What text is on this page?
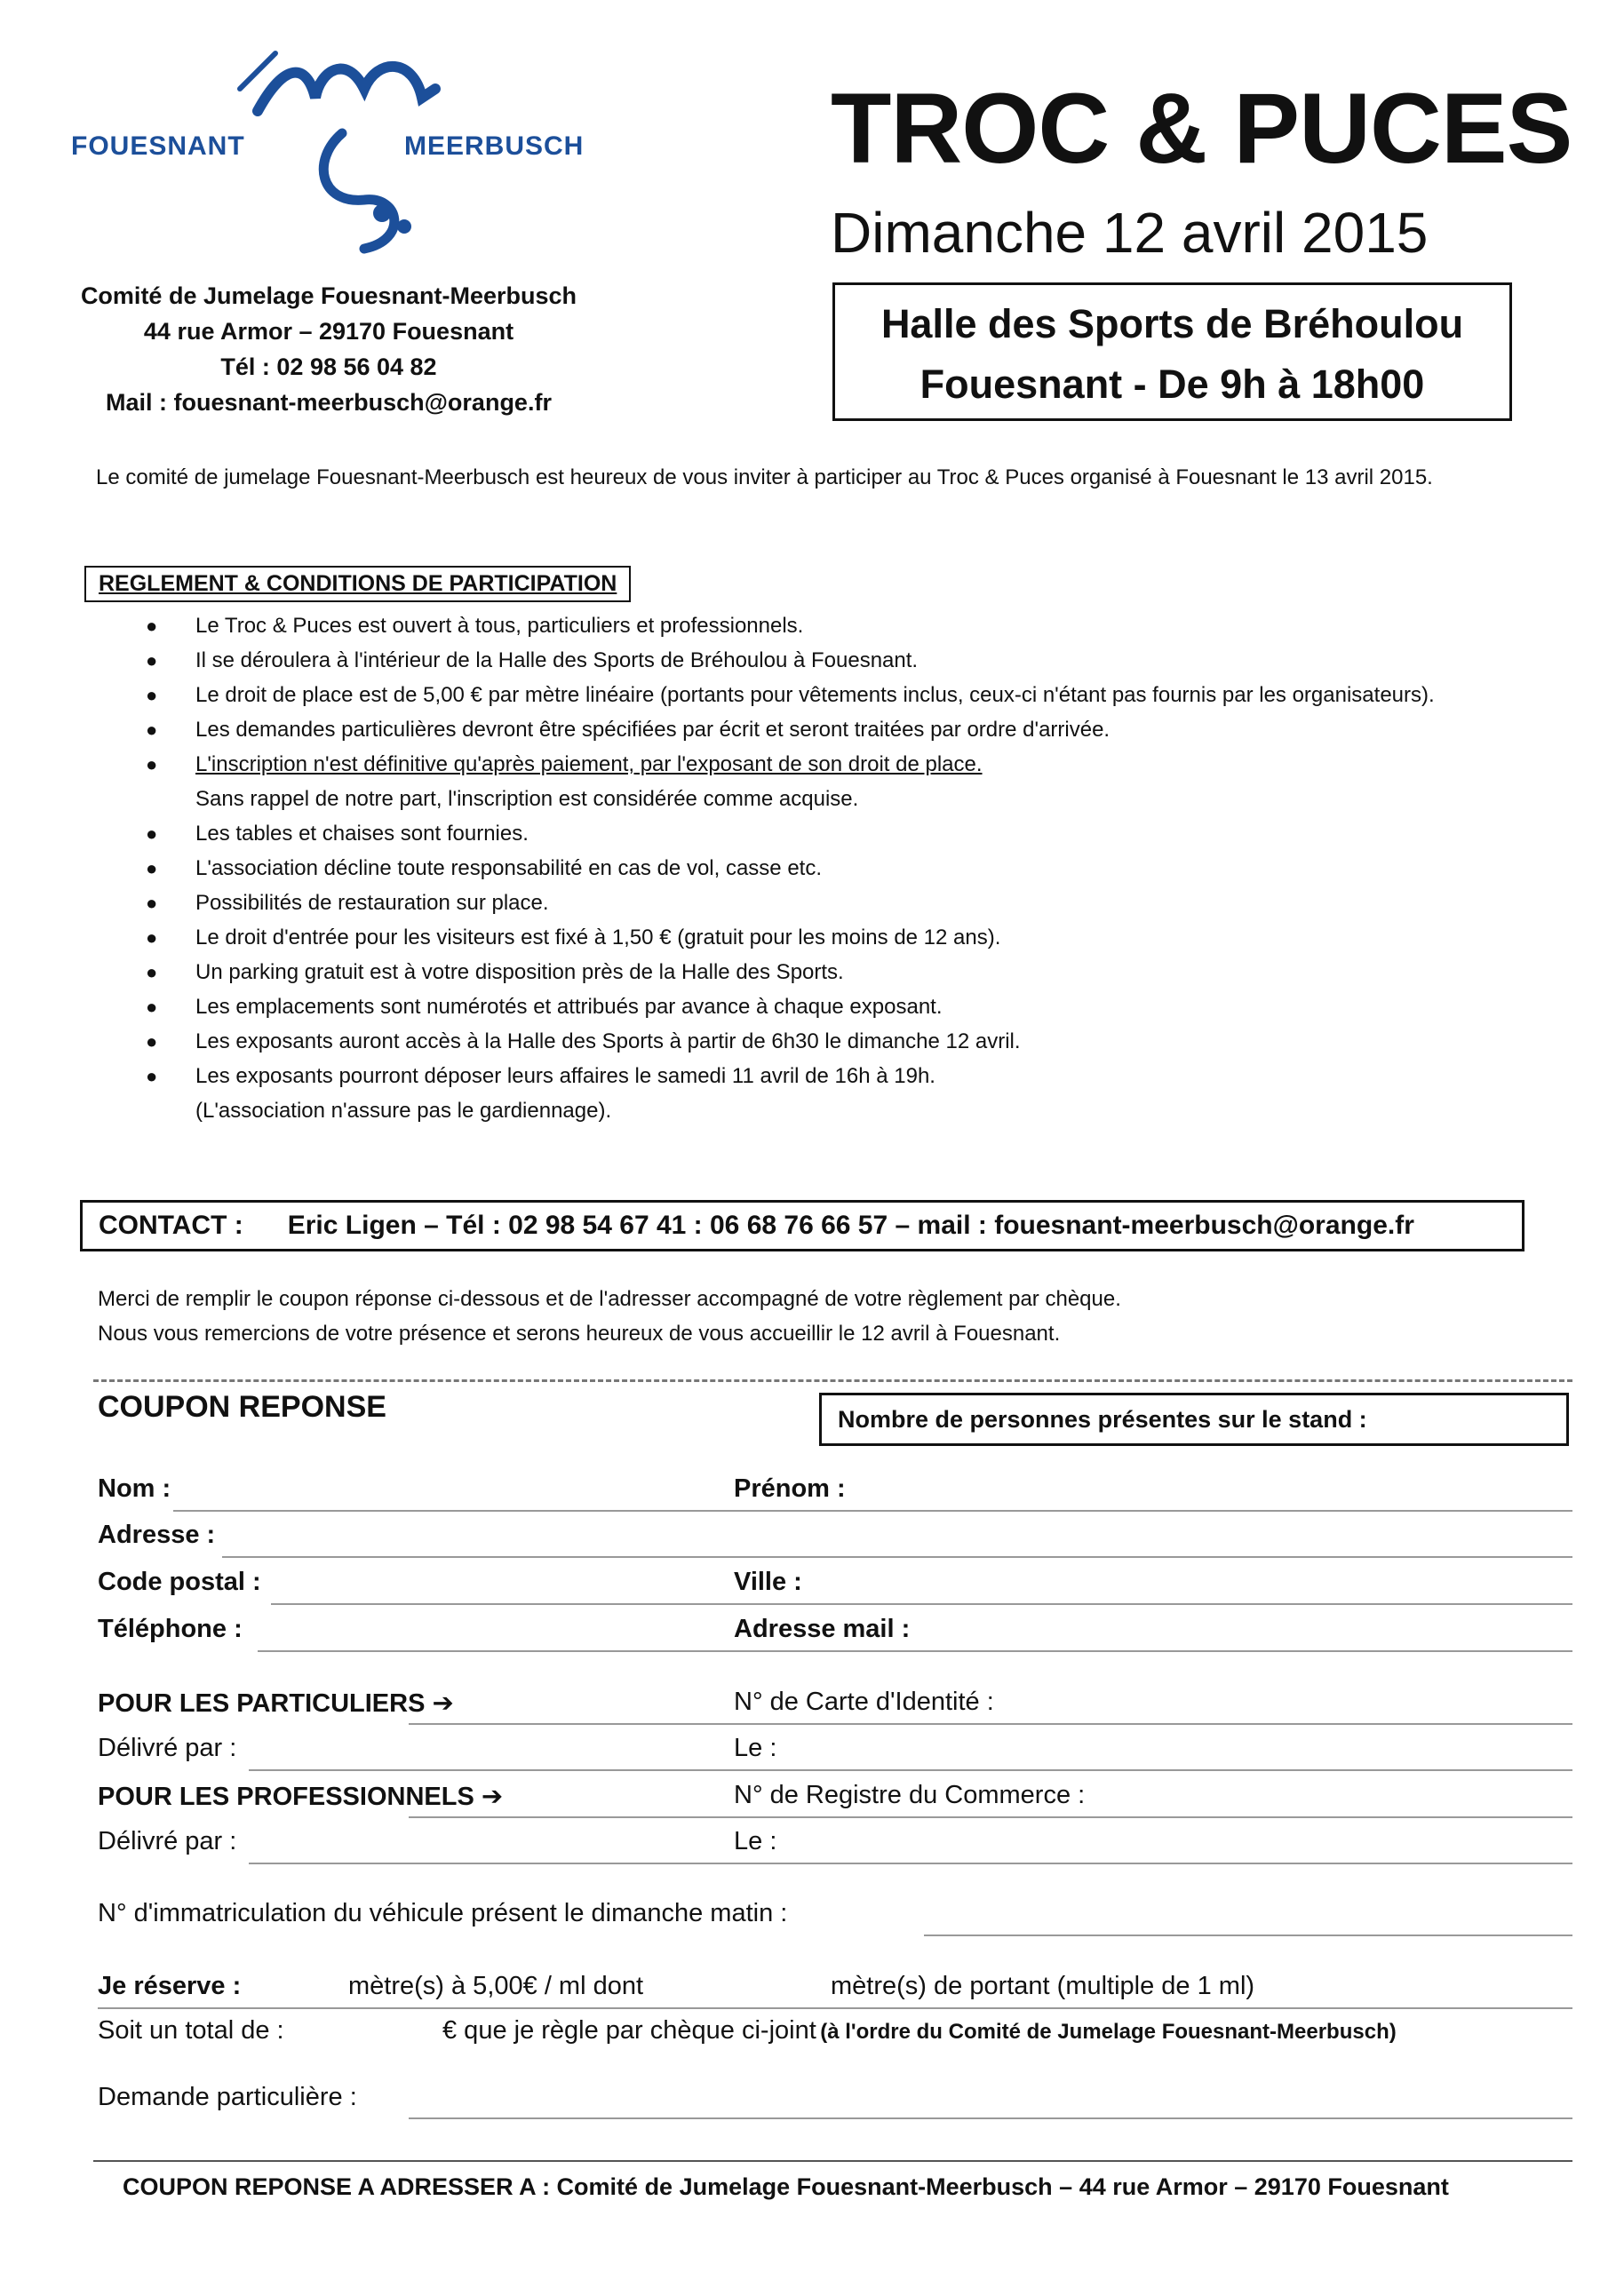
FOUESNANT	MEERBUSCH
Comité de Jumelage Fouesnant-Meerbusch
44 rue Armor – 29170 Fouesnant
Tél : 02 98 56 04 82
Mail : fouesnant-meerbusch@orange.fr
TROC & PUCES
Dimanche 12 avril 2015
Halle des Sports de Bréhoulou
Fouesnant - De 9h à 18h00
Le comité de jumelage Fouesnant-Meerbusch est heureux de vous inviter à participer au Troc & Puces organisé à Fouesnant le 13 avril 2015.
REGLEMENT & CONDITIONS DE PARTICIPATION
● Le Troc & Puces est ouvert à tous, particuliers et professionnels.
● Il se déroulera à l'intérieur de la Halle des Sports de Bréhoulou à Fouesnant.
● Le droit de place est de 5,00 € par mètre linéaire (portants pour vêtements inclus, ceux-ci n'étant pas fournis par les organisateurs).
● Les demandes particulières devront être spécifiées par écrit et seront traitées par ordre d'arrivée.
● L'inscription n'est définitive qu'après paiement, par l'exposant de son droit de place.
Sans rappel de notre part, l'inscription est considérée comme acquise.
● Les tables et chaises sont fournies.
● L'association décline toute responsabilité en cas de vol, casse etc.
● Possibilités de restauration sur place.
● Le droit d'entrée pour les visiteurs est fixé à 1,50 € (gratuit pour les moins de 12 ans).
● Un parking gratuit est à votre disposition près de la Halle des Sports.
● Les emplacements sont numérotés et attribués par avance à chaque exposant.
● Les exposants auront accès à la Halle des Sports à partir de 6h30 le dimanche 12 avril.
● Les exposants pourront déposer leurs affaires le samedi 11 avril de 16h à 19h.
(L'association n'assure pas le gardiennage).
CONTACT : Eric Ligen – Tél : 02 98 54 67 41 : 06 68 76 66 57 – mail : fouesnant-meerbusch@orange.fr
Merci de remplir le coupon réponse ci-dessous et de l'adresser accompagné de votre règlement par chèque.
Nous vous remercions de votre présence et serons heureux de vous accueillir le 12 avril à Fouesnant.
COUPON REPONSE	Nombre de personnes présentes sur le stand :
Nom :	Prénom :
Adresse :
Code postal :	Ville :
Téléphone :	Adresse mail :
POUR LES PARTICULIERS ➔	N° de Carte d'Identité :
Délivré par :	Le :
POUR LES PROFESSIONNELS ➔	N° de Registre du Commerce :
Délivré par :	Le :
N° d'immatriculation du véhicule présent le dimanche matin :
Je réserve :	mètre(s) à 5,00€ / ml dont	mètre(s) de portant (multiple de 1 ml)
Soit un total de :	€ que je règle par chèque ci-joint (à l'ordre du Comité de Jumelage Fouesnant-Meerbusch)
Demande particulière :
COUPON REPONSE A ADRESSER A : Comité de Jumelage Fouesnant-Meerbusch – 44 rue Armor – 29170 Fouesnant
